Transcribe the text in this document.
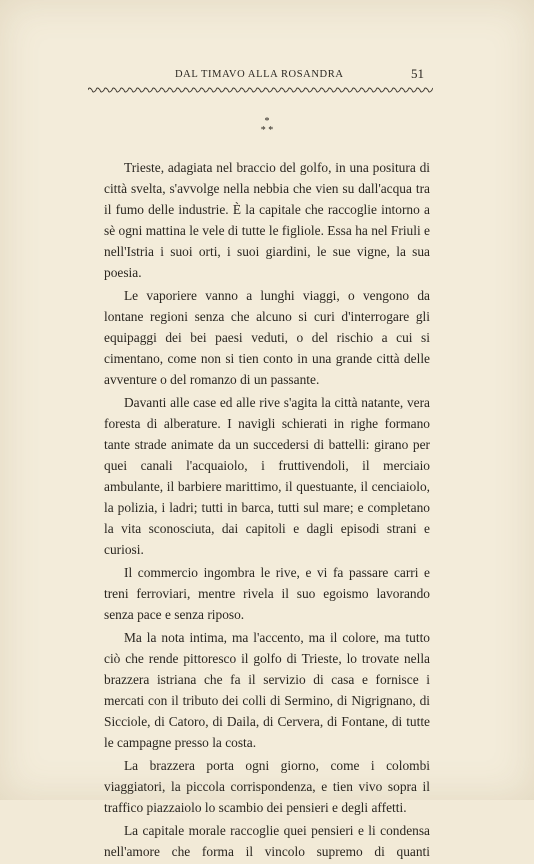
DAL TIMAVO ALLA ROSANDRA	51
*
* *

Trieste, adagiata nel braccio del golfo, in una positura di città svelta, s'avvolge nella nebbia che vien su dall'acqua tra il fumo delle industrie. È la capitale che raccoglie intorno a sè ogni mattina le vele di tutte le figliole. Essa ha nel Friuli e nell'Istria i suoi orti, i suoi giardini, le sue vigne, la sua poesia.

Le vaporiere vanno a lunghi viaggi, o vengono da lontane regioni senza che alcuno si curi d'interrogare gli equipaggi dei bei paesi veduti, o del rischio a cui si cimentano, come non si tien conto in una grande città delle avventure o del romanzo di un passante.

Davanti alle case ed alle rive s'agita la città natante, vera foresta di alberature. I navigli schierati in righe formano tante strade animate da un succedersi di battelli: girano per quei canali l'acquaiolo, i fruttivendoli, il merciaio ambulante, il barbiere marittimo, il questuante, il cenciaiolo, la polizia, i ladri; tutti in barca, tutti sul mare; e completano la vita sconosciuta, dai capitoli e dagli episodi strani e curiosi.

Il commercio ingombra le rive, e vi fa passare carri e treni ferroviari, mentre rivela il suo egoismo lavorando senza pace e senza riposo.

Ma la nota intima, ma l'accento, ma il colore, ma tutto ciò che rende pittoresco il golfo di Trieste, lo trovate nella brazzera istriana che fa il servizio di casa e fornisce i mercati con il tributo dei colli di Sermino, di Nigrignano, di Sicciole, di Catoro, di Daila, di Cervera, di Fontane, di tutte le campagne presso la costa.

La brazzera porta ogni giorno, come i colombi viaggiatori, la piccola corrispondenza, e tien vivo sopra il traffico piazzaiolo lo scambio dei pensieri e degli affetti.

La capitale morale raccoglie quei pensieri e li condensa nell'amore che forma il vincolo supremo di quanti
